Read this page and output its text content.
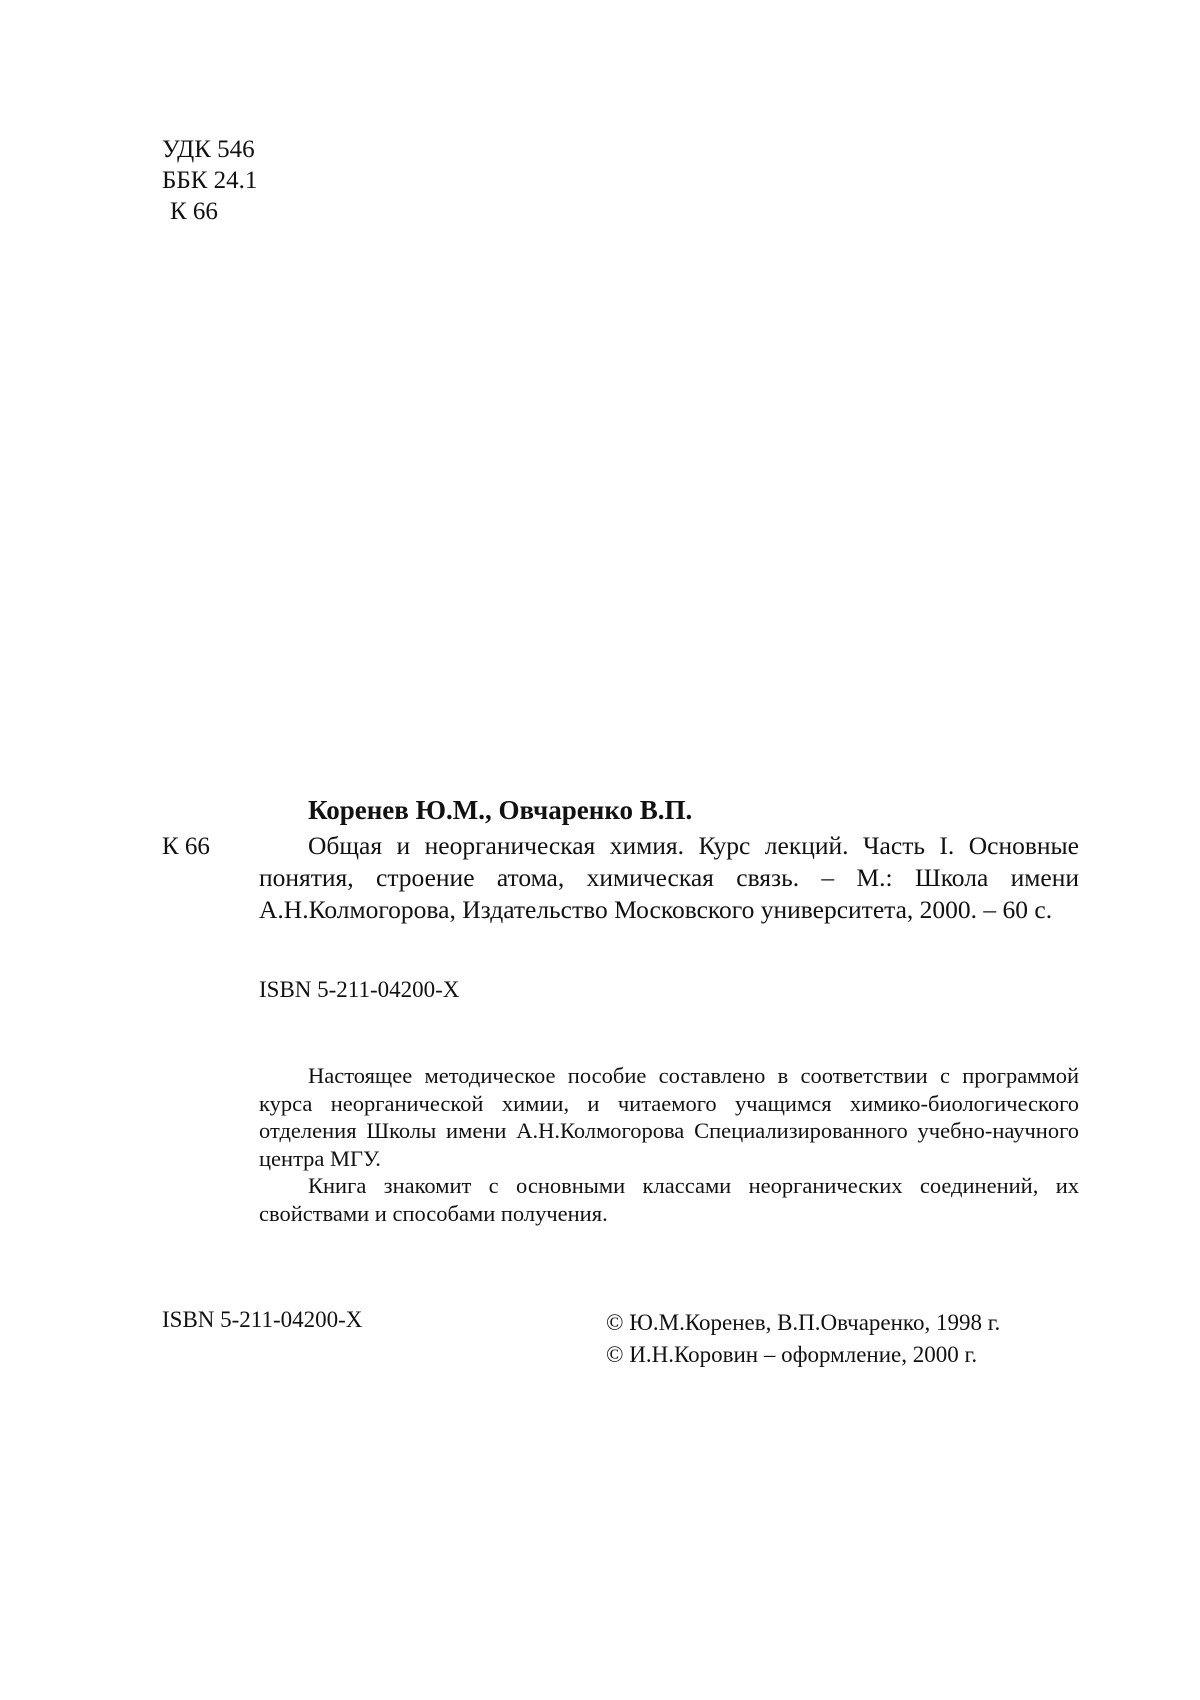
УДК 546
ББК 24.1
К 66
Коренев Ю.М., Овчаренко В.П.
К 66	Общая и неорганическая химия. Курс лекций. Часть I. Основные понятия, строение атома, химическая связь. – М.: Школа имени А.Н.Колмогорова, Издательство Московского университета, 2000. – 60 с.

ISBN 5-211-04200-X

Настоящее методическое пособие составлено в соответствии с программой курса неорганической химии, и читаемого учащимся химико-биологического отделения Школы имени А.Н.Колмогорова Специализированного учебно-научного центра МГУ.

Книга знакомит с основными классами неорганических соединений, их свойствами и способами получения.

ISBN 5-211-04200-X	© Ю.М.Коренев, В.П.Овчаренко, 1998 г.
© И.Н.Коровин – оформление, 2000 г.
